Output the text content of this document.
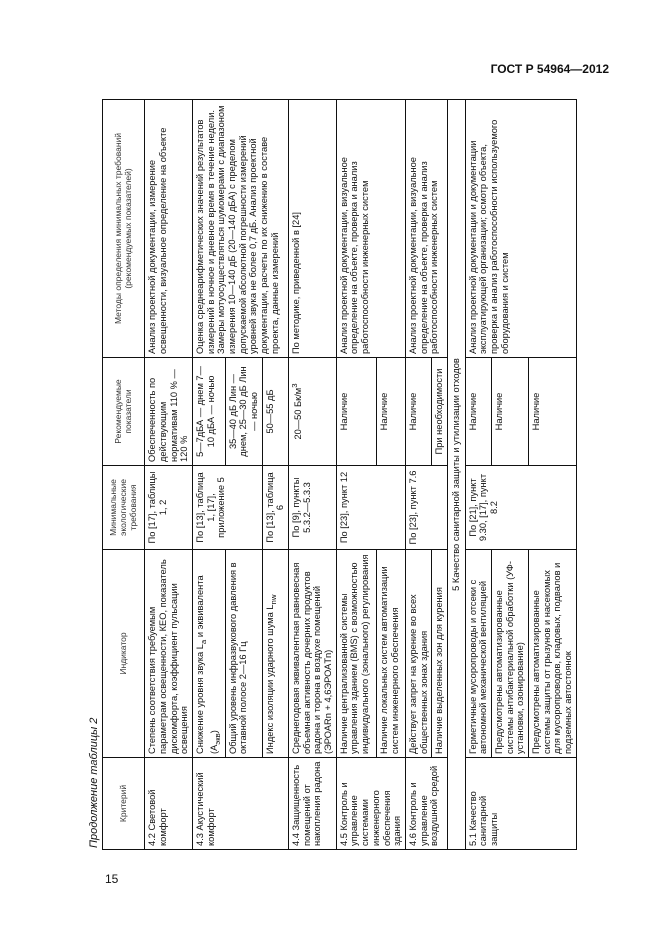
ГОСТ Р 54964—2012
Продолжение таблицы 2 Критерий	Индикатор	Минимальные экологические требования	Рекомендуемые показатели	Методы определения минимальных требований (рекомендуемых показателей)
4.2 Световой комфорт	Степень соответствия требуемым параметрам освещенности, КЕО, показатель дискомфорта, коэффициент пульсации освещения	По [17], таблицы 1, 2	Обеспеченность по действующим нормативам 110 % — 120 %	Анализ проектной документации, измерение освещенности, визуальное определение на объекте
4.3 Акустический комфорт	Снижение уровня звука $L_a$ и эквивалента $(A_{экв})$	По [13], таблица 1, [17], приложение 5	5—7дБА — днем 7—10 дБА — ночью	Оценка среднеарифметических значений результатов измерений в ночное и дневное время в течение недели. Замеры мотуосуществляться шумомерами с диапазоном измерения 10—140 дБ (20—140 дБА) с пределом допускаемой абсолютной погрешности измерений уровней звука не более 0,7 дБ. Анализ проектной документации, расчеты по их снижению в составе проекта, данные измерений
	Общий уровень инфразвукового давления в октавной полосе 2—16 Гц		35—40 дБ Лин — днем, 25—30 дБ Лин — ночью	
	Индекс изоляции ударного шума $L_{nw}$	По [13], таблица 6	50—55 дБ	
4.4 Защищенность помещений от накопления радона	Среднегодовая эквивалентная равновесная объемная активность дочерних продуктов радона и торона в воздухе помещений (ЭРОАRn + 4,6ЭРОАTn)	По [9], пункты 5.3.2—5.3.3	20—50 $Бк/м^3$	По методике, приведенной в [24]
4.5 Контроль и управление системами инженерного обеспечения здания	Наличие централизованной системы управления зданием (BMS) с возможностью индивидуального (зонального) регулирования	По [23], пункт 12	Наличие	Анализ проектной документации, визуальное определение на объекте, проверка и анализ работоспособности инженерных систем
	Наличие локальных систем автоматизации систем инженерного обеспечения		Наличие	
4.6 Контроль и управление воздушной средой	Действует запрет на курение во всех общественных зонах здания	По [23], пункт 7.6	Наличие	Анализ проектной документации, визуальное определение на объекте, проверка и анализ работоспособности инженерных систем
	Наличие выделенных зон для курения		При необходимости	
5 Качество санитарной защиты и утилизации отходов				
5.1 Качество санитарной защиты	Герметичные мусоропроводы и отсеки с автономной механической вентиляцией	По [21], пункт 9.30, [17], пункт 8.2	Наличие	Анализ проектной документации и документации эксплуатирующей организации; осмотр объекта, проверка и анализ работоспособности используемого оборудования и систем
	Предусмотрены автоматизированные системы антибактериальной обработки (УФ-установки, озонирование)		Наличие	
	Предусмотрены автоматизированные системы защиты от грызунов и насекомых для мусоропроводов, кладовых, подвалов и подземных автостоянок		Наличие	
15
